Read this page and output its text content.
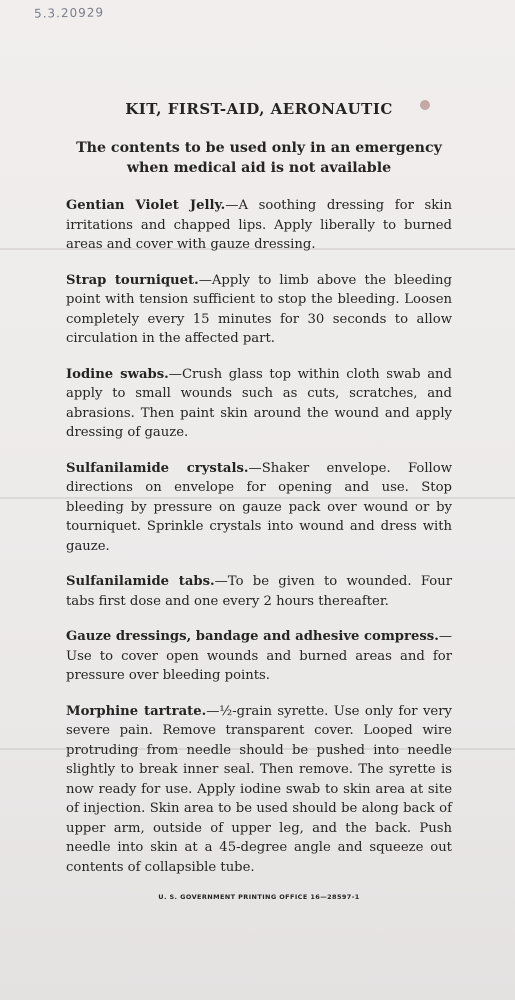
5.3.20929
KIT, FIRST-AID, AERONAUTIC
The contents to be used only in an emergency when medical aid is not available

Gentian Violet Jelly.—A soothing dressing for skin irritations and chapped lips. Apply liberally to burned areas and cover with gauze dressing.

Strap tourniquet.—Apply to limb above the bleeding point with tension sufficient to stop the bleeding. Loosen completely every 15 minutes for 30 seconds to allow circulation in the affected part.

Iodine swabs.—Crush glass top within cloth swab and apply to small wounds such as cuts, scratches, and abrasions. Then paint skin around the wound and apply dressing of gauze.

Sulfanilamide crystals.—Shaker envelope. Follow directions on envelope for opening and use. Stop bleeding by pressure on gauze pack over wound or by tourniquet. Sprinkle crystals into wound and dress with gauze.

Sulfanilamide tabs.—To be given to wounded. Four tabs first dose and one every 2 hours thereafter.

Gauze dressings, bandage and adhesive compress.—Use to cover open wounds and burned areas and for pressure over bleeding points.

Morphine tartrate.—½-grain syrette. Use only for very severe pain. Remove transparent cover. Looped wire protruding from needle should be pushed into needle slightly to break inner seal. Then remove. The syrette is now ready for use. Apply iodine swab to skin area at site of injection. Skin area to be used should be along back of upper arm, outside of upper leg, and the back. Push needle into skin at a 45-degree angle and squeeze out contents of collapsible tube.

U. S. GOVERNMENT PRINTING OFFICE 16—28597-1
